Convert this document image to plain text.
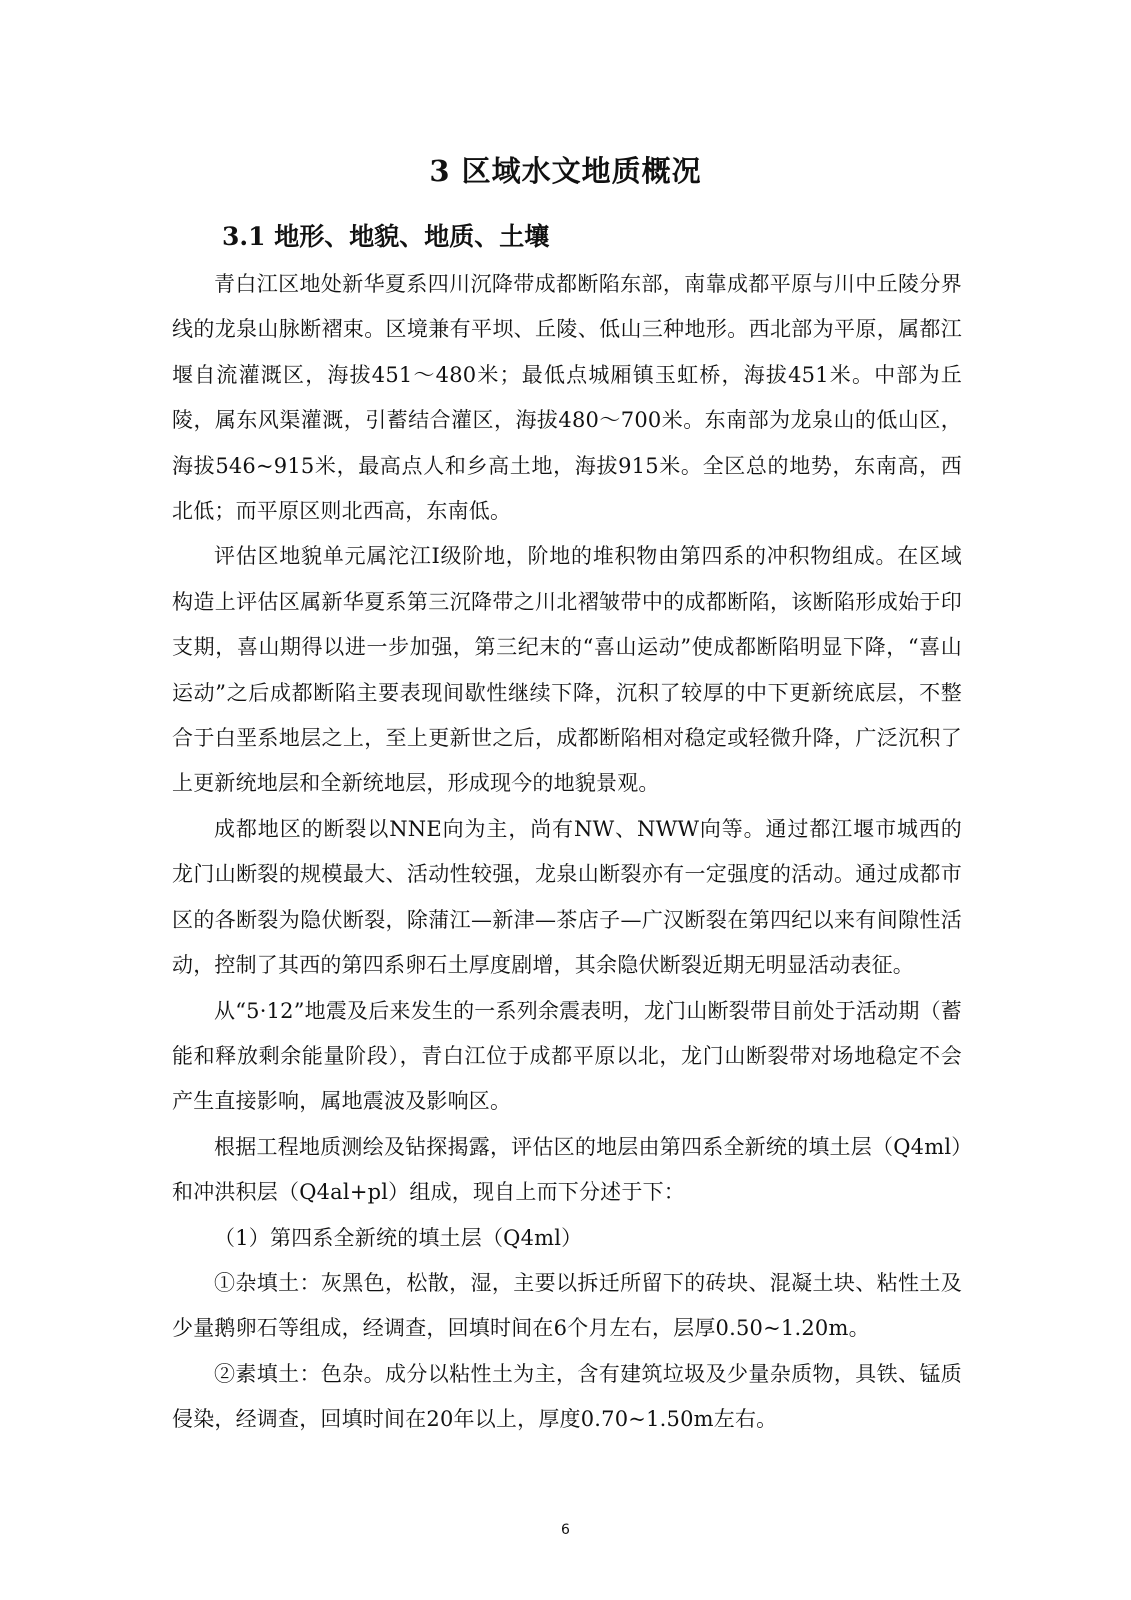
3 区域水文地质概况
3.1 地形、地貌、地质、土壤

青白江区地处新华夏系四川沉降带成都断陷东部，南靠成都平原与川中丘陵分界线的龙泉山脉断褶束。区境兼有平坝、丘陵、低山三种地形。西北部为平原，属都江堰自流灌溉区，海拔451～480米；最低点城厢镇玉虹桥，海拔451米。中部为丘陵，属东风渠灌溉，引蓄结合灌区，海拔480～700米。东南部为龙泉山的低山区，海拔546~915米，最高点人和乡高土地，海拔915米。全区总的地势，东南高，西北低；而平原区则北西高，东南低。

评估区地貌单元属沱江Ⅰ级阶地，阶地的堆积物由第四系的冲积物组成。在区域构造上评估区属新华夏系第三沉降带之川北褶皱带中的成都断陷，该断陷形成始于印支期，喜山期得以进一步加强，第三纪末的“喜山运动”使成都断陷明显下降，“喜山运动”之后成都断陷主要表现间歇性继续下降，沉积了较厚的中下更新统底层，不整合于白垩系地层之上，至上更新世之后，成都断陷相对稳定或轻微升降，广泛沉积了上更新统地层和全新统地层，形成现今的地貌景观。

成都地区的断裂以NNE向为主，尚有NW、NWW向等。通过都江堰市城西的龙门山断裂的规模最大、活动性较强，龙泉山断裂亦有一定强度的活动。通过成都市区的各断裂为隐伏断裂，除蒲江—新津—茶店子—广汉断裂在第四纪以来有间隙性活动，控制了其西的第四系卵石土厚度剧增，其余隐伏断裂近期无明显活动表征。

从“5·12”地震及后来发生的一系列余震表明，龙门山断裂带目前处于活动期（蓄能和释放剩余能量阶段），青白江位于成都平原以北，龙门山断裂带对场地稳定不会产生直接影响，属地震波及影响区。

根据工程地质测绘及钻探揭露，评估区的地层由第四系全新统的填土层（Q4ml）和冲洪积层（Q4al+pl）组成，现自上而下分述于下：

（1）第四系全新统的填土层（Q4ml）

①杂填土：灰黑色，松散，湿，主要以拆迁所留下的砖块、混凝土块、粘性土及少量鹅卵石等组成，经调查，回填时间在6个月左右，层厚0.50~1.20m。

②素填土：色杂。成分以粘性土为主，含有建筑垃圾及少量杂质物，具铁、锰质侵染，经调查，回填时间在20年以上，厚度0.70~1.50m左右。

6
